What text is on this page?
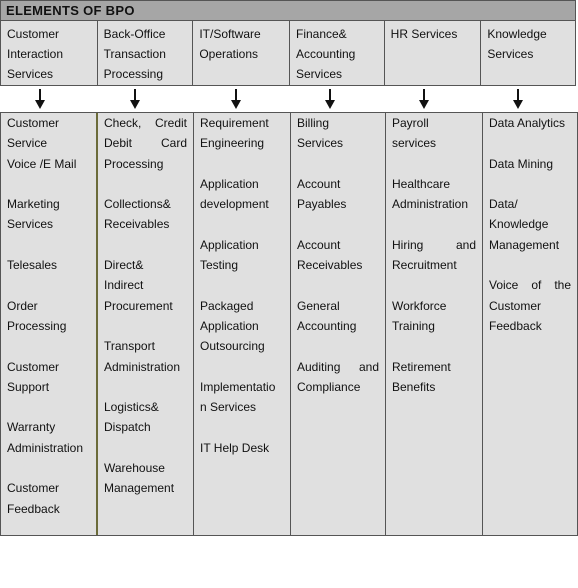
ELEMENTS OF BPO
Customer
Interaction
Services
Back-Office
Transaction
Processing
IT/Software
Operations
Finance&
Accounting
Services
HR Services	Knowledge
Services
Customer
Service
Voice /E Mail
Marketing
Services
Telesales
Order
Processing
Customer
Support
Warranty
Administration
Customer
Feedback
Check, Credit
Debit Card
Processing
Collections&
Receivables
Direct&
Indirect
Procurement
Transport
Administration
Logistics&
Dispatch
Warehouse
Management
Requirement
Engineering
Application
development
Application
Testing
Packaged
Application
Outsourcing
Implementatio
n Services
IT Help Desk
Billing
Services
Account
Payables
Account
Receivables
General
Accounting
Auditing and
Compliance
Payroll
services
Healthcare
Administration
Hiring and
Recruitment
Workforce
Training
Retirement
Benefits
Data Analytics
Data Mining
Data/
Knowledge
Management
Voice of the
Customer
Feedback
